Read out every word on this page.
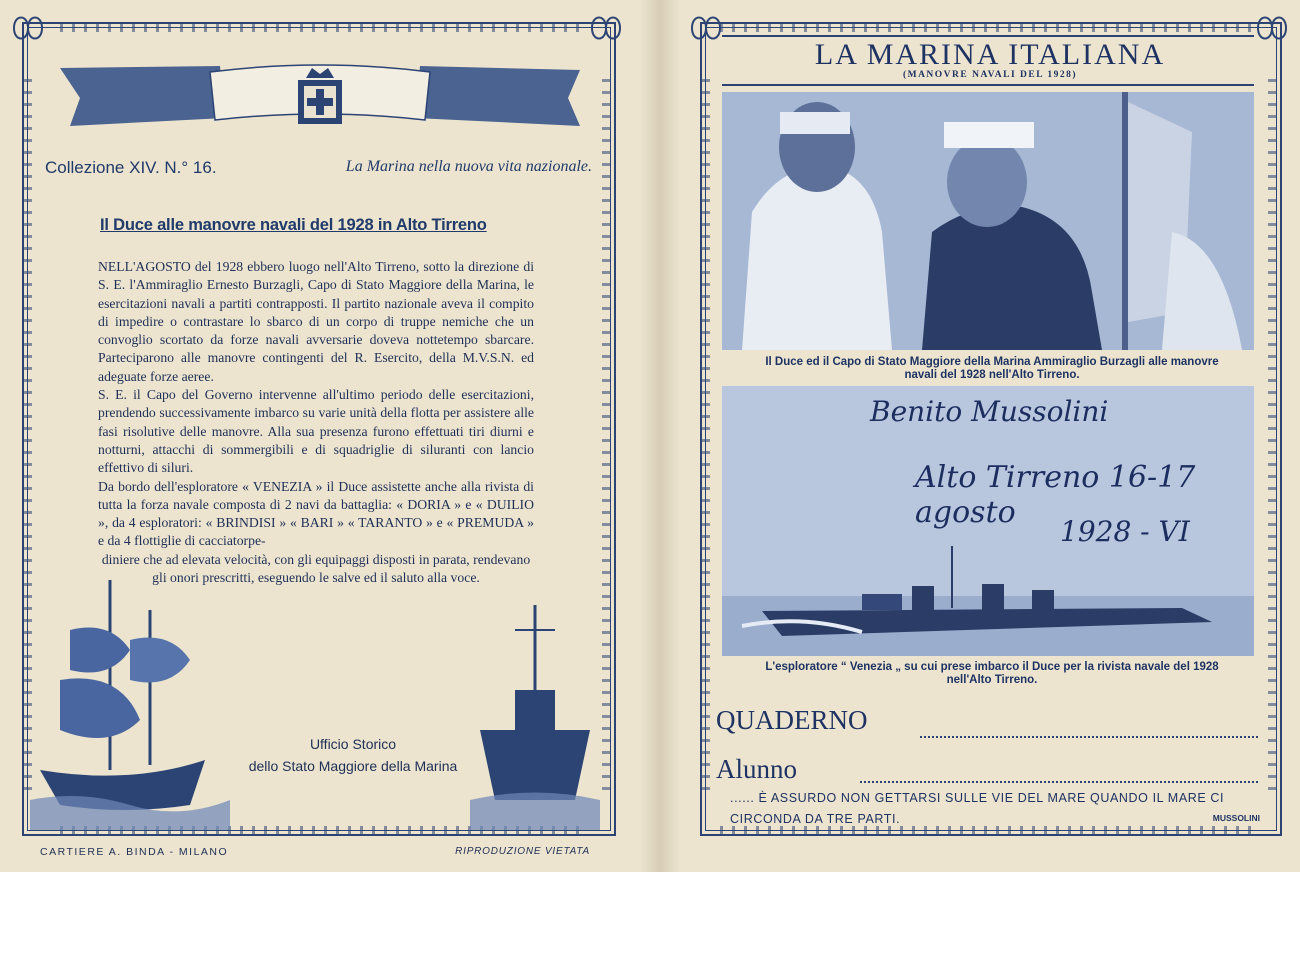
Collezione XIV. N.° 16.	La Marina nella nuova vita nazionale.
Il Duce alle manovre navali del 1928 in Alto Tirreno

NELL'AGOSTO del 1928 ebbero luogo nell'Alto Tirreno, sotto la direzione di S. E. l'Ammiraglio Ernesto Burzagli, Capo di Stato Maggiore della Marina, le esercitazioni navali a partiti contrapposti. Il partito nazionale aveva il compito di impedire o contrastare lo sbarco di un corpo di truppe nemiche che un convoglio scortato da forze navali avversarie doveva nottetempo sbarcare. Parteciparono alle manovre contingenti del R. Esercito, della M.V.S.N. ed adeguate forze aeree.

S. E. il Capo del Governo intervenne all'ultimo periodo delle esercitazioni, prendendo successivamente imbarco su varie unità della flotta per assistere alle fasi risolutive delle manovre. Alla sua presenza furono effettuati tiri diurni e notturni, attacchi di sommergibili e di squadriglie di siluranti con lancio effettivo di siluri.

Da bordo dell'esploratore « VENEZIA » il Duce assistette anche alla rivista di tutta la forza navale composta di 2 navi da battaglia: « DORIA » e « DUILIO », da 4 esploratori: « BRINDISI » « BARI » « TARANTO » e « PREMUDA » e da 4 flottiglie di cacciatorpe-

diniere che ad elevata velocità, con gli equipaggi disposti in parata, rendevano gli onori prescritti, eseguendo le salve ed il saluto alla voce.

Ufficio Storico
dello Stato Maggiore della Marina
CARTIERE A. BINDA - MILANO	RIPRODUZIONE VIETATA
LA MARINA ITALIANA
(MANOVRE NAVALI DEL 1928)
Il Duce ed il Capo di Stato Maggiore della Marina Ammiraglio Burzagli alle manovre
navali del 1928 nell'Alto Tirreno.
Benito Mussolini
Alto Tirreno 16-17 agosto
1928 - VI
L'esploratore “ Venezia „ su cui prese imbarco il Duce per la rivista navale del 1928
nell'Alto Tirreno.
QUADERNO
Alunno
...... È ASSURDO NON GETTARSI SULLE VIE DEL MARE QUANDO IL MARE CI
CIRCONDA DA TRE PARTI.	MUSSOLINI
